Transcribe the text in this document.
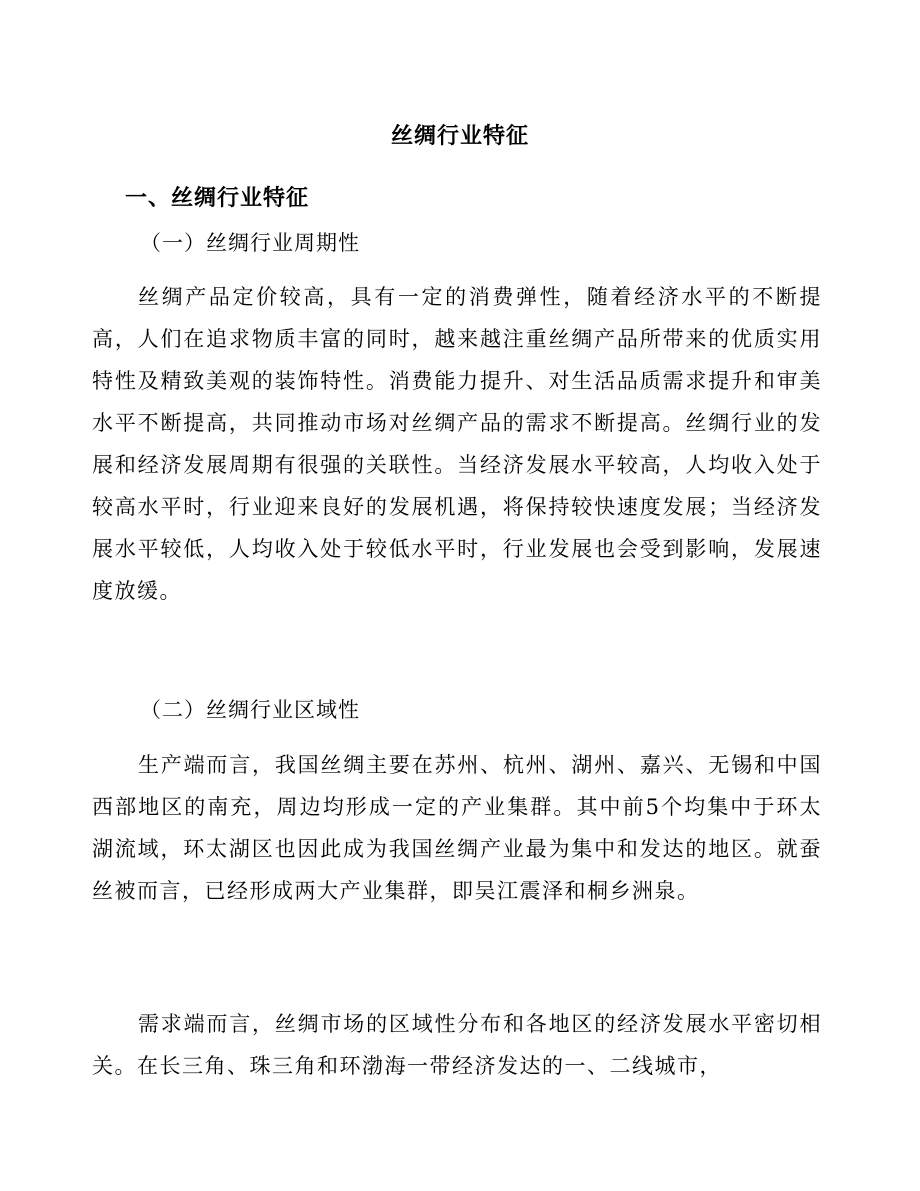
丝绸行业特征
一、丝绸行业特征
（一）丝绸行业周期性
丝绸产品定价较高，具有一定的消费弹性，随着经济水平的不断提高，人们在追求物质丰富的同时，越来越注重丝绸产品所带来的优质实用特性及精致美观的装饰特性。消费能力提升、对生活品质需求提升和审美水平不断提高，共同推动市场对丝绸产品的需求不断提高。丝绸行业的发展和经济发展周期有很强的关联性。当经济发展水平较高，人均收入处于较高水平时，行业迎来良好的发展机遇，将保持较快速度发展；当经济发展水平较低，人均收入处于较低水平时，行业发展也会受到影响，发展速度放缓。
（二）丝绸行业区域性
生产端而言，我国丝绸主要在苏州、杭州、湖州、嘉兴、无锡和中国西部地区的南充，周边均形成一定的产业集群。其中前5个均集中于环太湖流域，环太湖区也因此成为我国丝绸产业最为集中和发达的地区。就蚕丝被而言，已经形成两大产业集群，即吴江震泽和桐乡洲泉。
需求端而言，丝绸市场的区域性分布和各地区的经济发展水平密切相关。在长三角、珠三角和环渤海一带经济发达的一、二线城市，
